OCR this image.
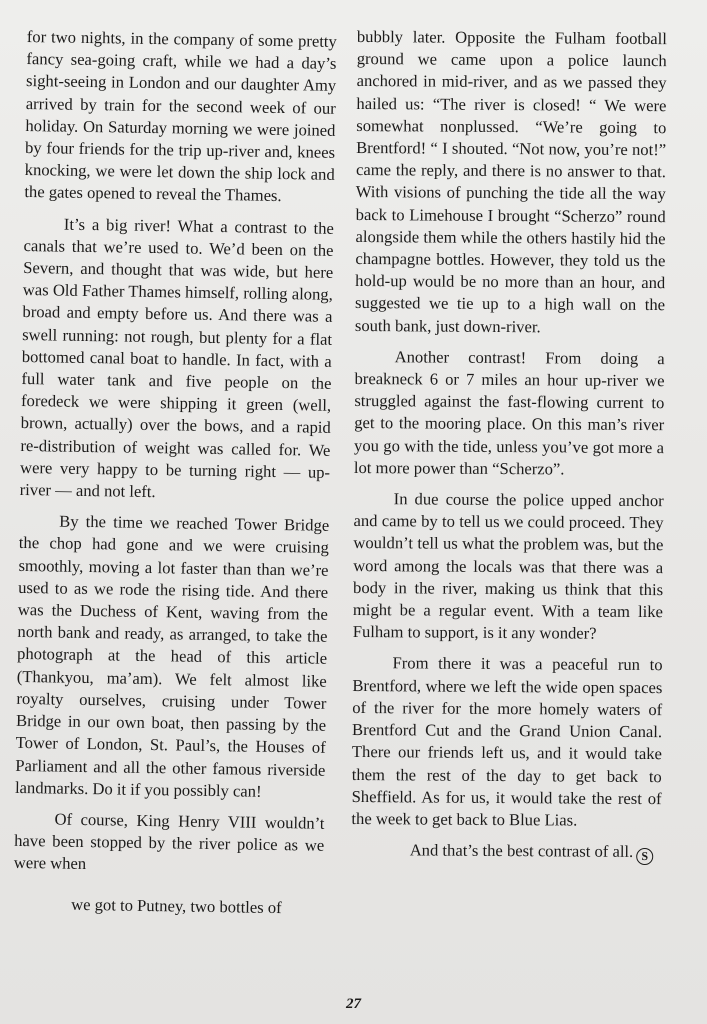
for two nights, in the company of some pretty fancy sea-going craft, while we had a day’s sight-seeing in London and our daughter Amy arrived by train for the second week of our holiday. On Saturday morning we were joined by four friends for the trip up-river and, knees knocking, we were let down the ship lock and the gates opened to reveal the Thames.

It’s a big river! What a contrast to the canals that we’re used to. We’d been on the Severn, and thought that was wide, but here was Old Father Thames himself, rolling along, broad and empty before us. And there was a swell running: not rough, but plenty for a flat bottomed canal boat to handle. In fact, with a full water tank and five people on the foredeck we were shipping it green (well, brown, actually) over the bows, and a rapid re-distribution of weight was called for. We were very happy to be turning right — up-river — and not left.

By the time we reached Tower Bridge the chop had gone and we were cruising smoothly, moving a lot faster than than we’re used to as we rode the rising tide. And there was the Duchess of Kent, waving from the north bank and ready, as arranged, to take the photograph at the head of this article (Thankyou, ma’am). We felt almost like royalty ourselves, cruising under Tower Bridge in our own boat, then passing by the Tower of London, St. Paul’s, the Houses of Parliament and all the other famous riverside landmarks. Do it if you possibly can!

Of course, King Henry VIII wouldn’t have been stopped by the river police as we were when

we got to Putney, two bottles of

bubbly later. Opposite the Fulham football ground we came upon a police launch anchored in mid-river, and as we passed they hailed us: “The river is closed! “ We were somewhat nonplussed. “We’re going to Brentford! “ I shouted. “Not now, you’re not!” came the reply, and there is no answer to that. With visions of punching the tide all the way back to Limehouse I brought “Scherzo” round alongside them while the others hastily hid the champagne bottles. However, they told us the hold-up would be no more than an hour, and suggested we tie up to a high wall on the south bank, just down-river.

Another contrast! From doing a breakneck 6 or 7 miles an hour up-river we struggled against the fast-flowing current to get to the mooring place. On this man’s river you go with the tide, unless you’ve got more a lot more power than “Scherzo”.

In due course the police upped anchor and came by to tell us we could proceed. They wouldn’t tell us what the problem was, but the word among the locals was that there was a body in the river, making us think that this might be a regular event. With a team like Fulham to support, is it any wonder?

From there it was a peaceful run to Brentford, where we left the wide open spaces of the river for the more homely waters of Brentford Cut and the Grand Union Canal. There our friends left us, and it would take them the rest of the day to get back to Sheffield. As for us, it would take the rest of the week to get back to Blue Lias.

And that’s the best contrast of all. S

27
